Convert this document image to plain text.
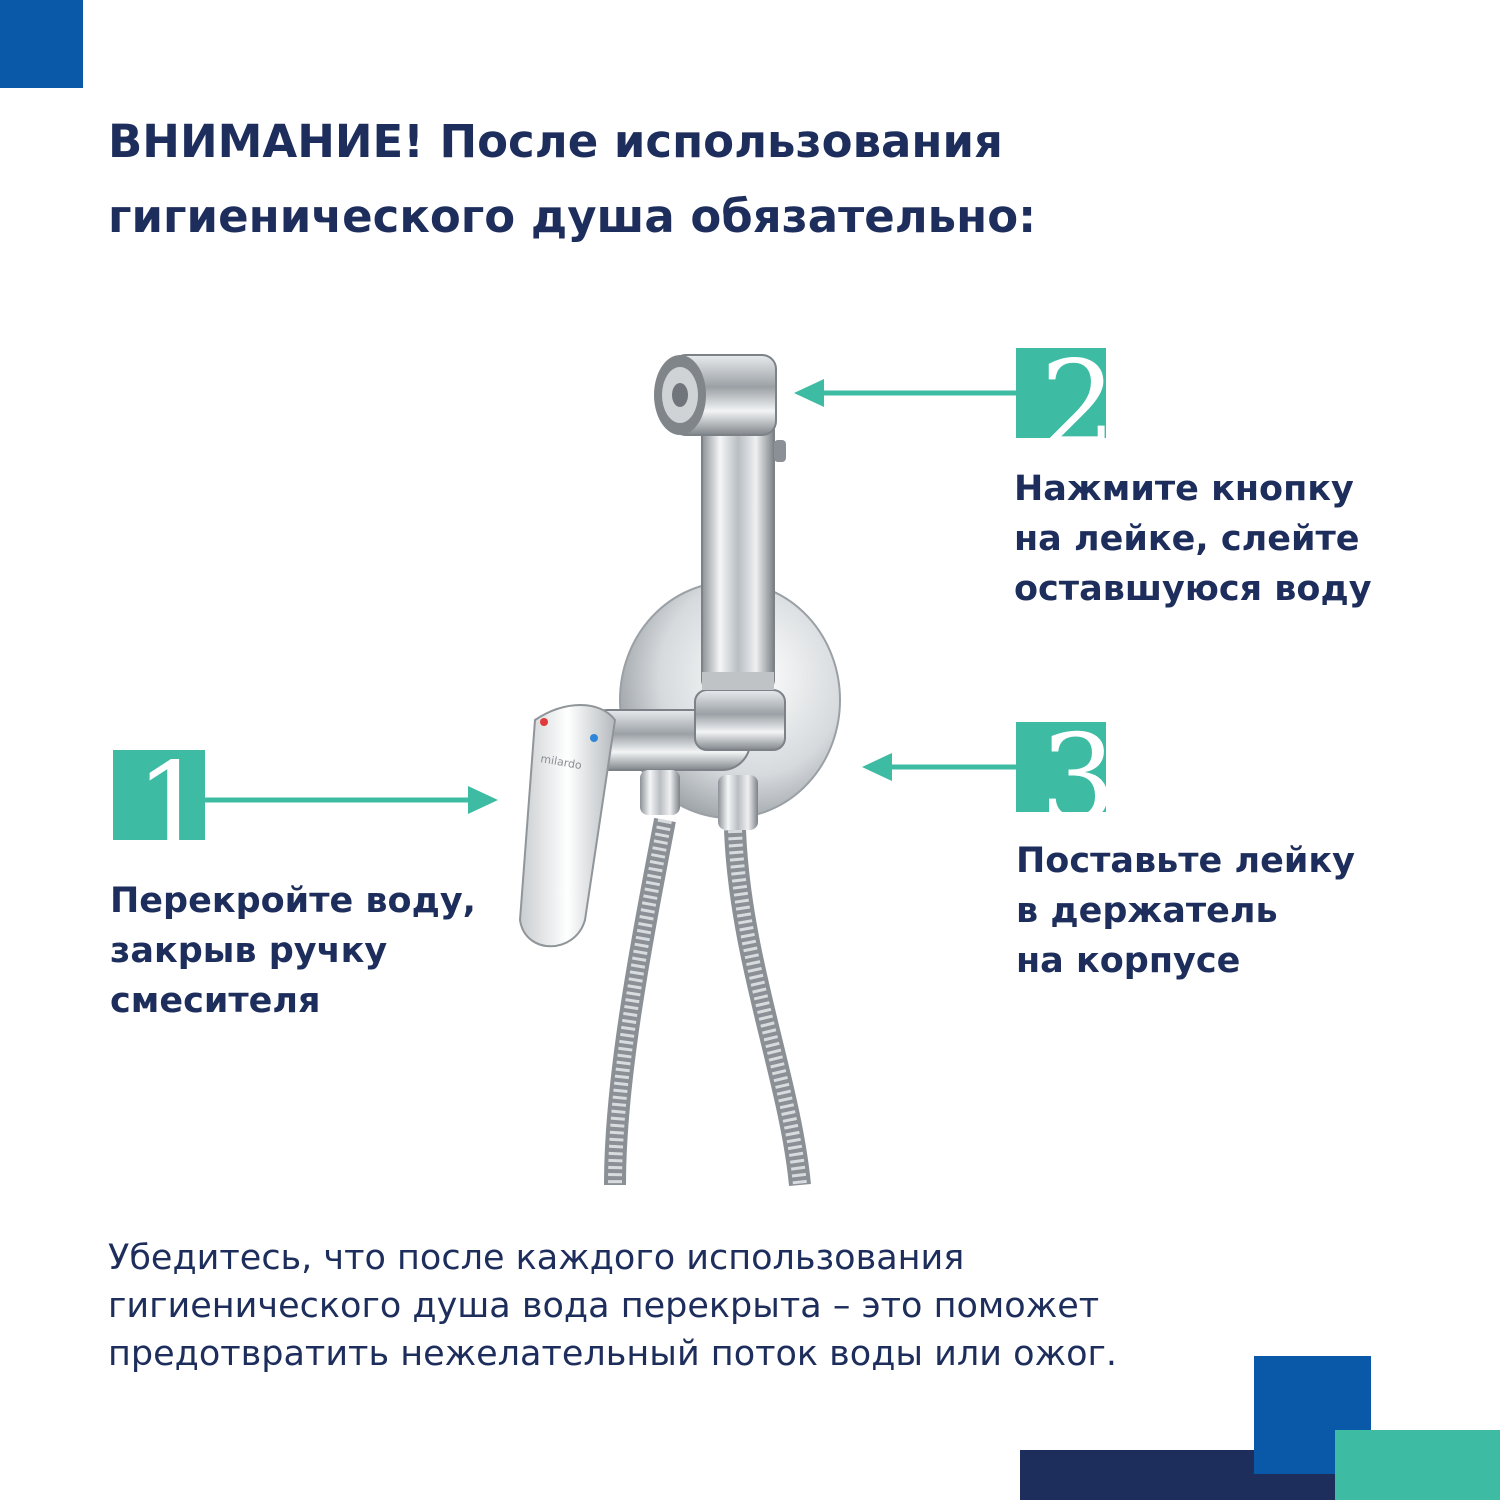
ВНИМАНИЕ! После использования
гигиенического душа обязательно:
milardo
1

Перекройте воду,
закрыв ручку
смесителя

2

Нажмите кнопку
на лейке, слейте
оставшуюся воду

3

Поставьте лейку
в держатель
на корпусе

Убедитесь, что после каждого использования
гигиенического душа вода перекрыта – это поможет
предотвратить нежелательный поток воды или ожог.
